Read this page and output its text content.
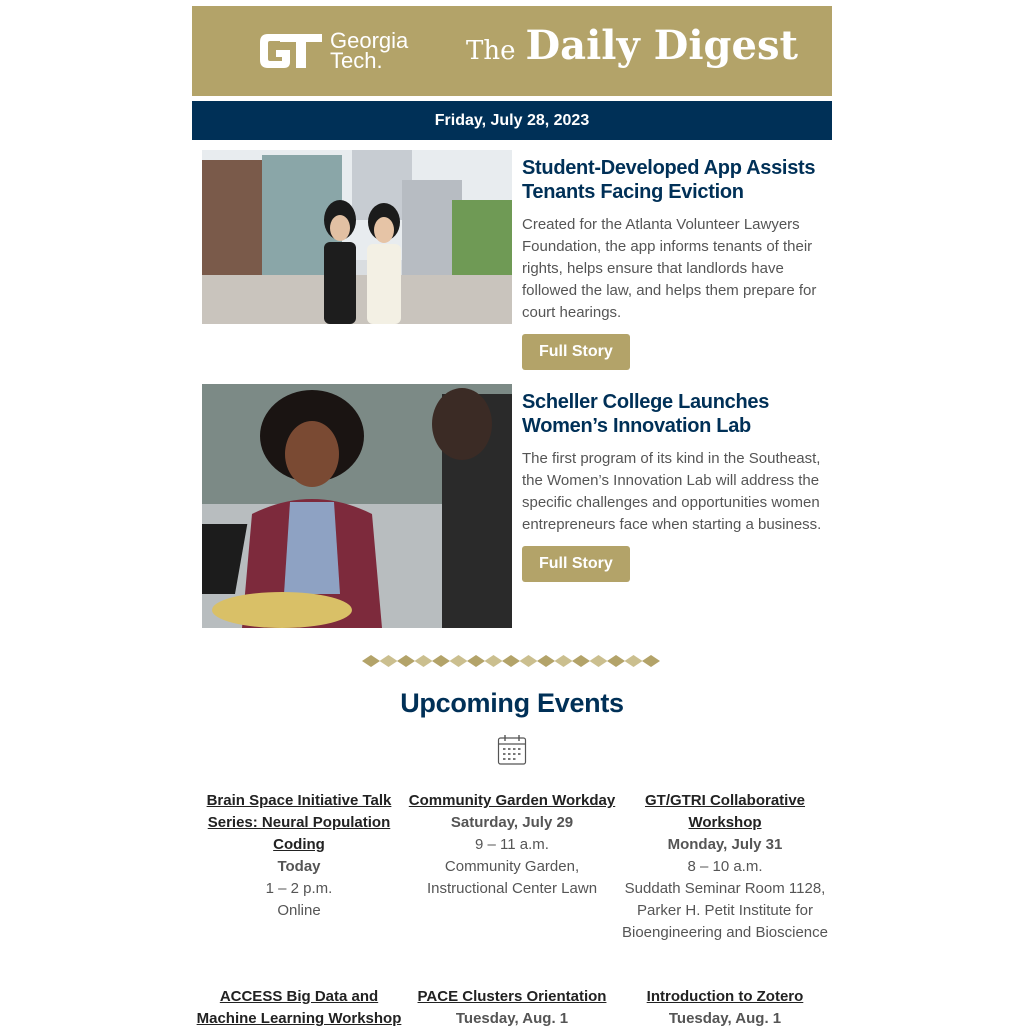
Georgia
Tech.	The Daily Digest
Friday, July 28, 2023
Student-Developed App Assists Tenants Facing Eviction

Created for the Atlanta Volunteer Lawyers Foundation, the app informs tenants of their rights, helps ensure that landlords have followed the law, and helps them prepare for court hearings.

Full Story
Scheller College Launches Women’s Innovation Lab

The first program of its kind in the Southeast, the Women’s Innovation Lab will address the specific challenges and opportunities women entrepreneurs face when starting a business.

Full Story
Upcoming Events
Brain Space Initiative Talk Series: Neural Population Coding
Today
1 – 2 p.m.
Online
Community Garden Workday
Saturday, July 29
9 – 11 a.m.
Community Garden, Instructional Center Lawn
GT/GTRI Collaborative Workshop
Monday, July 31
8 – 10 a.m.
Suddath Seminar Room 1128, Parker H. Petit Institute for Bioengineering and Bioscience
ACCESS Big Data and Machine Learning Workshop
PACE Clusters Orientation
Tuesday, Aug. 1
Introduction to Zotero
Tuesday, Aug. 1
